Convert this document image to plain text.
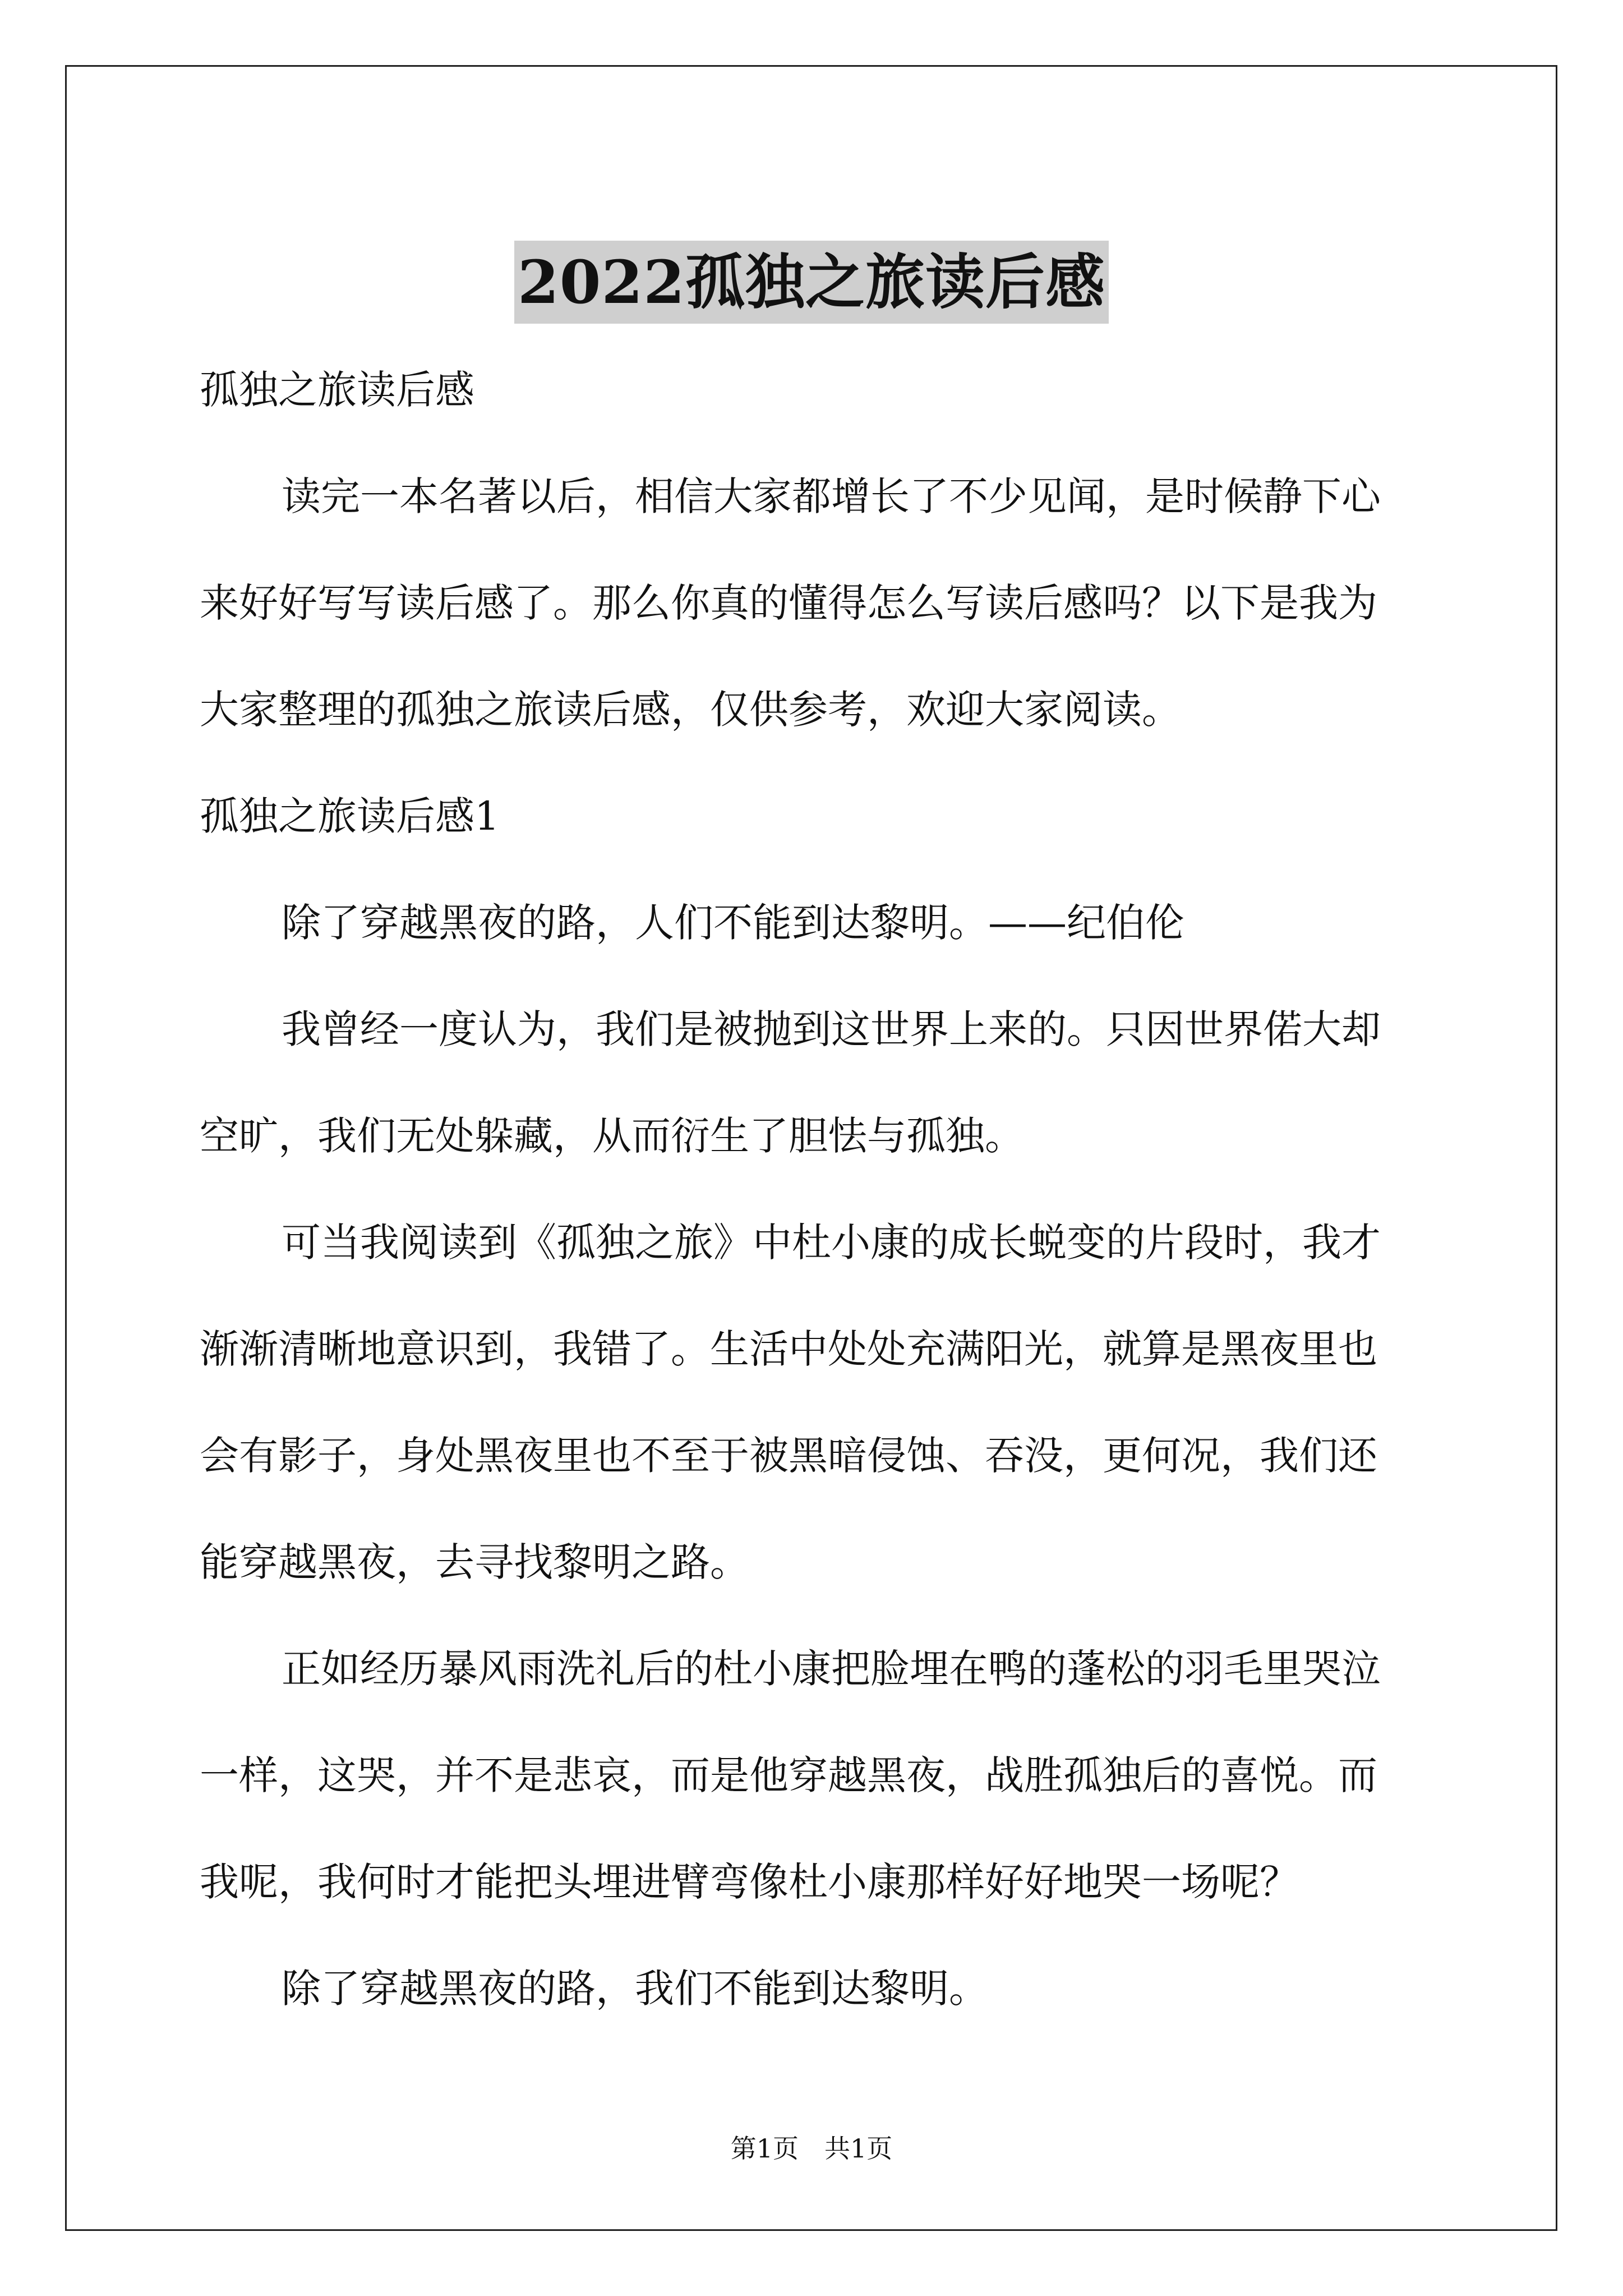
2022孤独之旅读后感

孤独之旅读后感

读完一本名著以后，相信大家都增长了不少见闻，是时候静下心

来好好写写读后感了。那么你真的懂得怎么写读后感吗？以下是我为

大家整理的孤独之旅读后感，仅供参考，欢迎大家阅读。

孤独之旅读后感1

除了穿越黑夜的路，人们不能到达黎明。——纪伯伦

我曾经一度认为，我们是被抛到这世界上来的。只因世界偌大却

空旷，我们无处躲藏，从而衍生了胆怯与孤独。

可当我阅读到《孤独之旅》中杜小康的成长蜕变的片段时，我才

渐渐清晰地意识到，我错了。生活中处处充满阳光，就算是黑夜里也

会有影子，身处黑夜里也不至于被黑暗侵蚀、吞没，更何况，我们还

能穿越黑夜，去寻找黎明之路。

正如经历暴风雨洗礼后的杜小康把脸埋在鸭的蓬松的羽毛里哭泣

一样，这哭，并不是悲哀，而是他穿越黑夜，战胜孤独后的喜悦。而

我呢，我何时才能把头埋进臂弯像杜小康那样好好地哭一场呢？

除了穿越黑夜的路，我们不能到达黎明。

第1页　共1页
